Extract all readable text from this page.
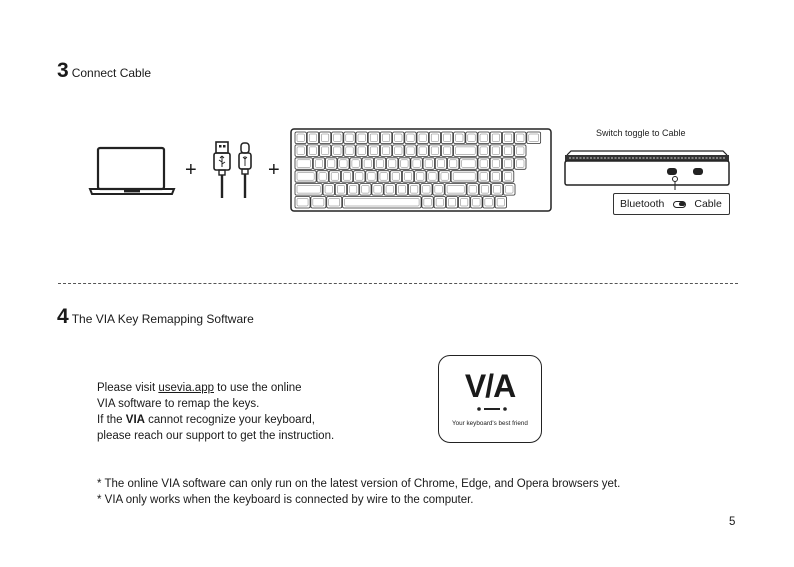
3 Connect Cable
+	+
Switch toggle to Cable
Bluetooth	Cable
4 The VIA Key Remapping Software

Please visit usevia.app to use the online

VIA software to remap the keys.

If the VIA cannot recognize your keyboard,

please reach our support to get the instruction.

V/A
Your keyboard's best friend

* The online VIA software can only run on the latest version of Chrome, Edge, and Opera browsers yet.

* VIA only works when the keyboard is connected by wire to the computer.

5
